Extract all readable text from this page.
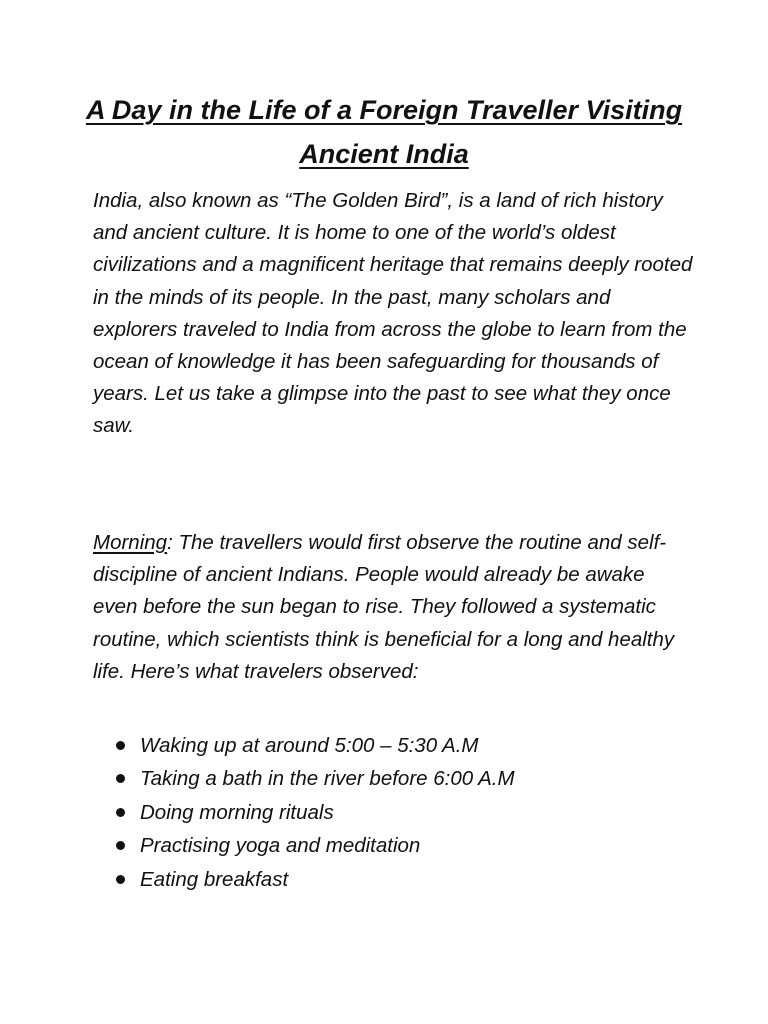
A Day in the Life of a Foreign Traveller Visiting Ancient India

India, also known as “The Golden Bird”, is a land of rich history and ancient culture. It is home to one of the world’s oldest civilizations and a magnificent heritage that remains deeply rooted in the minds of its people. In the past, many scholars and explorers traveled to India from across the globe to learn from the ocean of knowledge it has been safeguarding for thousands of years. Let us take a glimpse into the past to see what they once saw.

Morning: The travellers would first observe the routine and self-discipline of ancient Indians. People would already be awake even before the sun began to rise. They followed a systematic routine, which scientists think is beneficial for a long and healthy life. Here’s what travelers observed:

Waking up at around 5:00 – 5:30 A.M
Taking a bath in the river before 6:00 A.M
Doing morning rituals
Practising yoga and meditation
Eating breakfast
